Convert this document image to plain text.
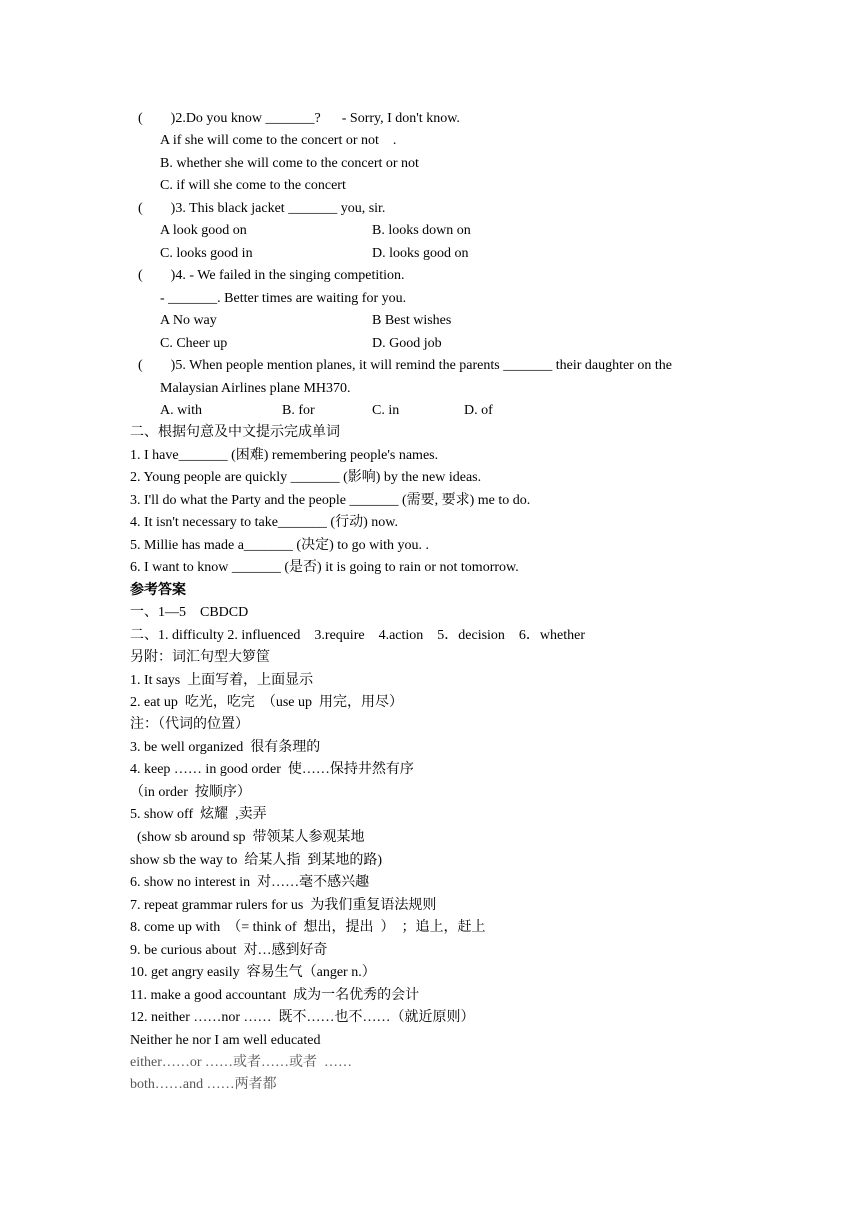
(        )2.Do you know _______?      - Sorry, I don't know.
A if she will come to the concert or not    .
B. whether she will come to the concert or not
C. if will she come to the concert
(        )3. This black jacket _______ you, sir.
A look good on	B. looks down on
C. looks good in	D. looks good on
(        )4. - We failed in the singing competition.
- _______. Better times are waiting for you.
A No way	B Best wishes
C. Cheer up	D. Good job
(        )5. When people mention planes, it will remind the parents _______ their daughter on the
Malaysian Airlines plane MH370.
A. with	B. for	C. in	D. of
二、根据句意及中文提示完成单词
1. I have_______ (困难) remembering people's names.
2. Young people are quickly _______ (影响) by the new ideas.
3. I'll do what the Party and the people _______ (需要, 要求) me to do.
4. It isn't necessary to take_______ (行动) now.
5. Millie has made a_______ (决定) to go with you. .
6. I want to know _______ (是否) it is going to rain or not tomorrow.
参考答案
一、1—5    CBDCD
二、1. difficulty 2. influenced    3.require    4.action    5．decision    6．whether
另附：词汇句型大箩筐
1. It says  上面写着，上面显示
2. eat up  吃光，吃完  （use up  用完，用尽）
注：（代词的位置）
3. be well organized  很有条理的
4. keep …… in good order  使……保持井然有序
（in order  按顺序）
5. show off  炫耀  ,卖弄
(show sb around sp  带领某人参观某地
show sb the way to  给某人指  到某地的路)
6. show no interest in  对……毫不感兴趣
7. repeat grammar rulers for us  为我们重复语法规则
8. come up with  （= think of  想出，提出  ）  ；追上，赶上
9. be curious about  对…感到好奇
10. get angry easily  容易生气（anger n.）
11. make a good accountant  成为一名优秀的会计
12. neither ……nor ……  既不……也不……（就近原则）
Neither he nor I am well educated
either……or ……或者……或者  ……
both……and ……两者都
